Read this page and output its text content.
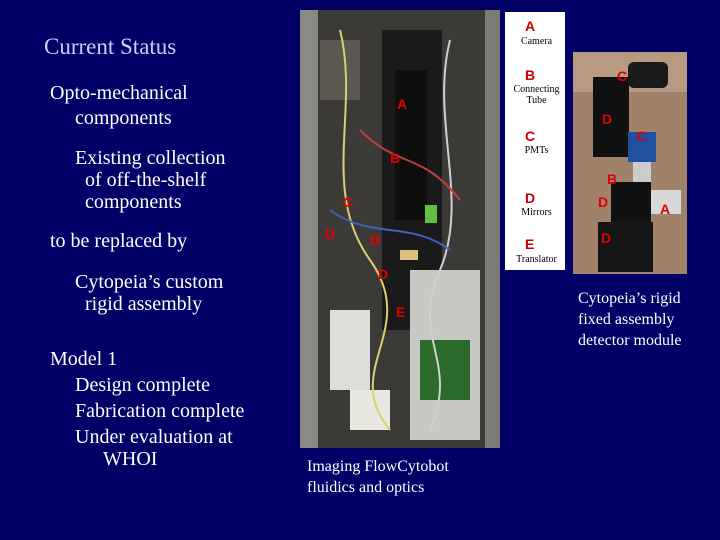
Current Status
Opto-mechanical
components
Existing collection
of off-the-shelf
components
to be replaced by
Cytopeia’s custom
rigid assembly
Model 1
Design complete
Fabrication complete
Under evaluation at
WHOI
A
B
C
D D
D
E
A
Camera
B
Connecting Tube
C
PMTs
D
Mirrors
E
Translator
C
D
C
B
D	A
D
Cytopeia’s rigid
fixed assembly
detector module
Imaging FlowCytobot
fluidics and optics
